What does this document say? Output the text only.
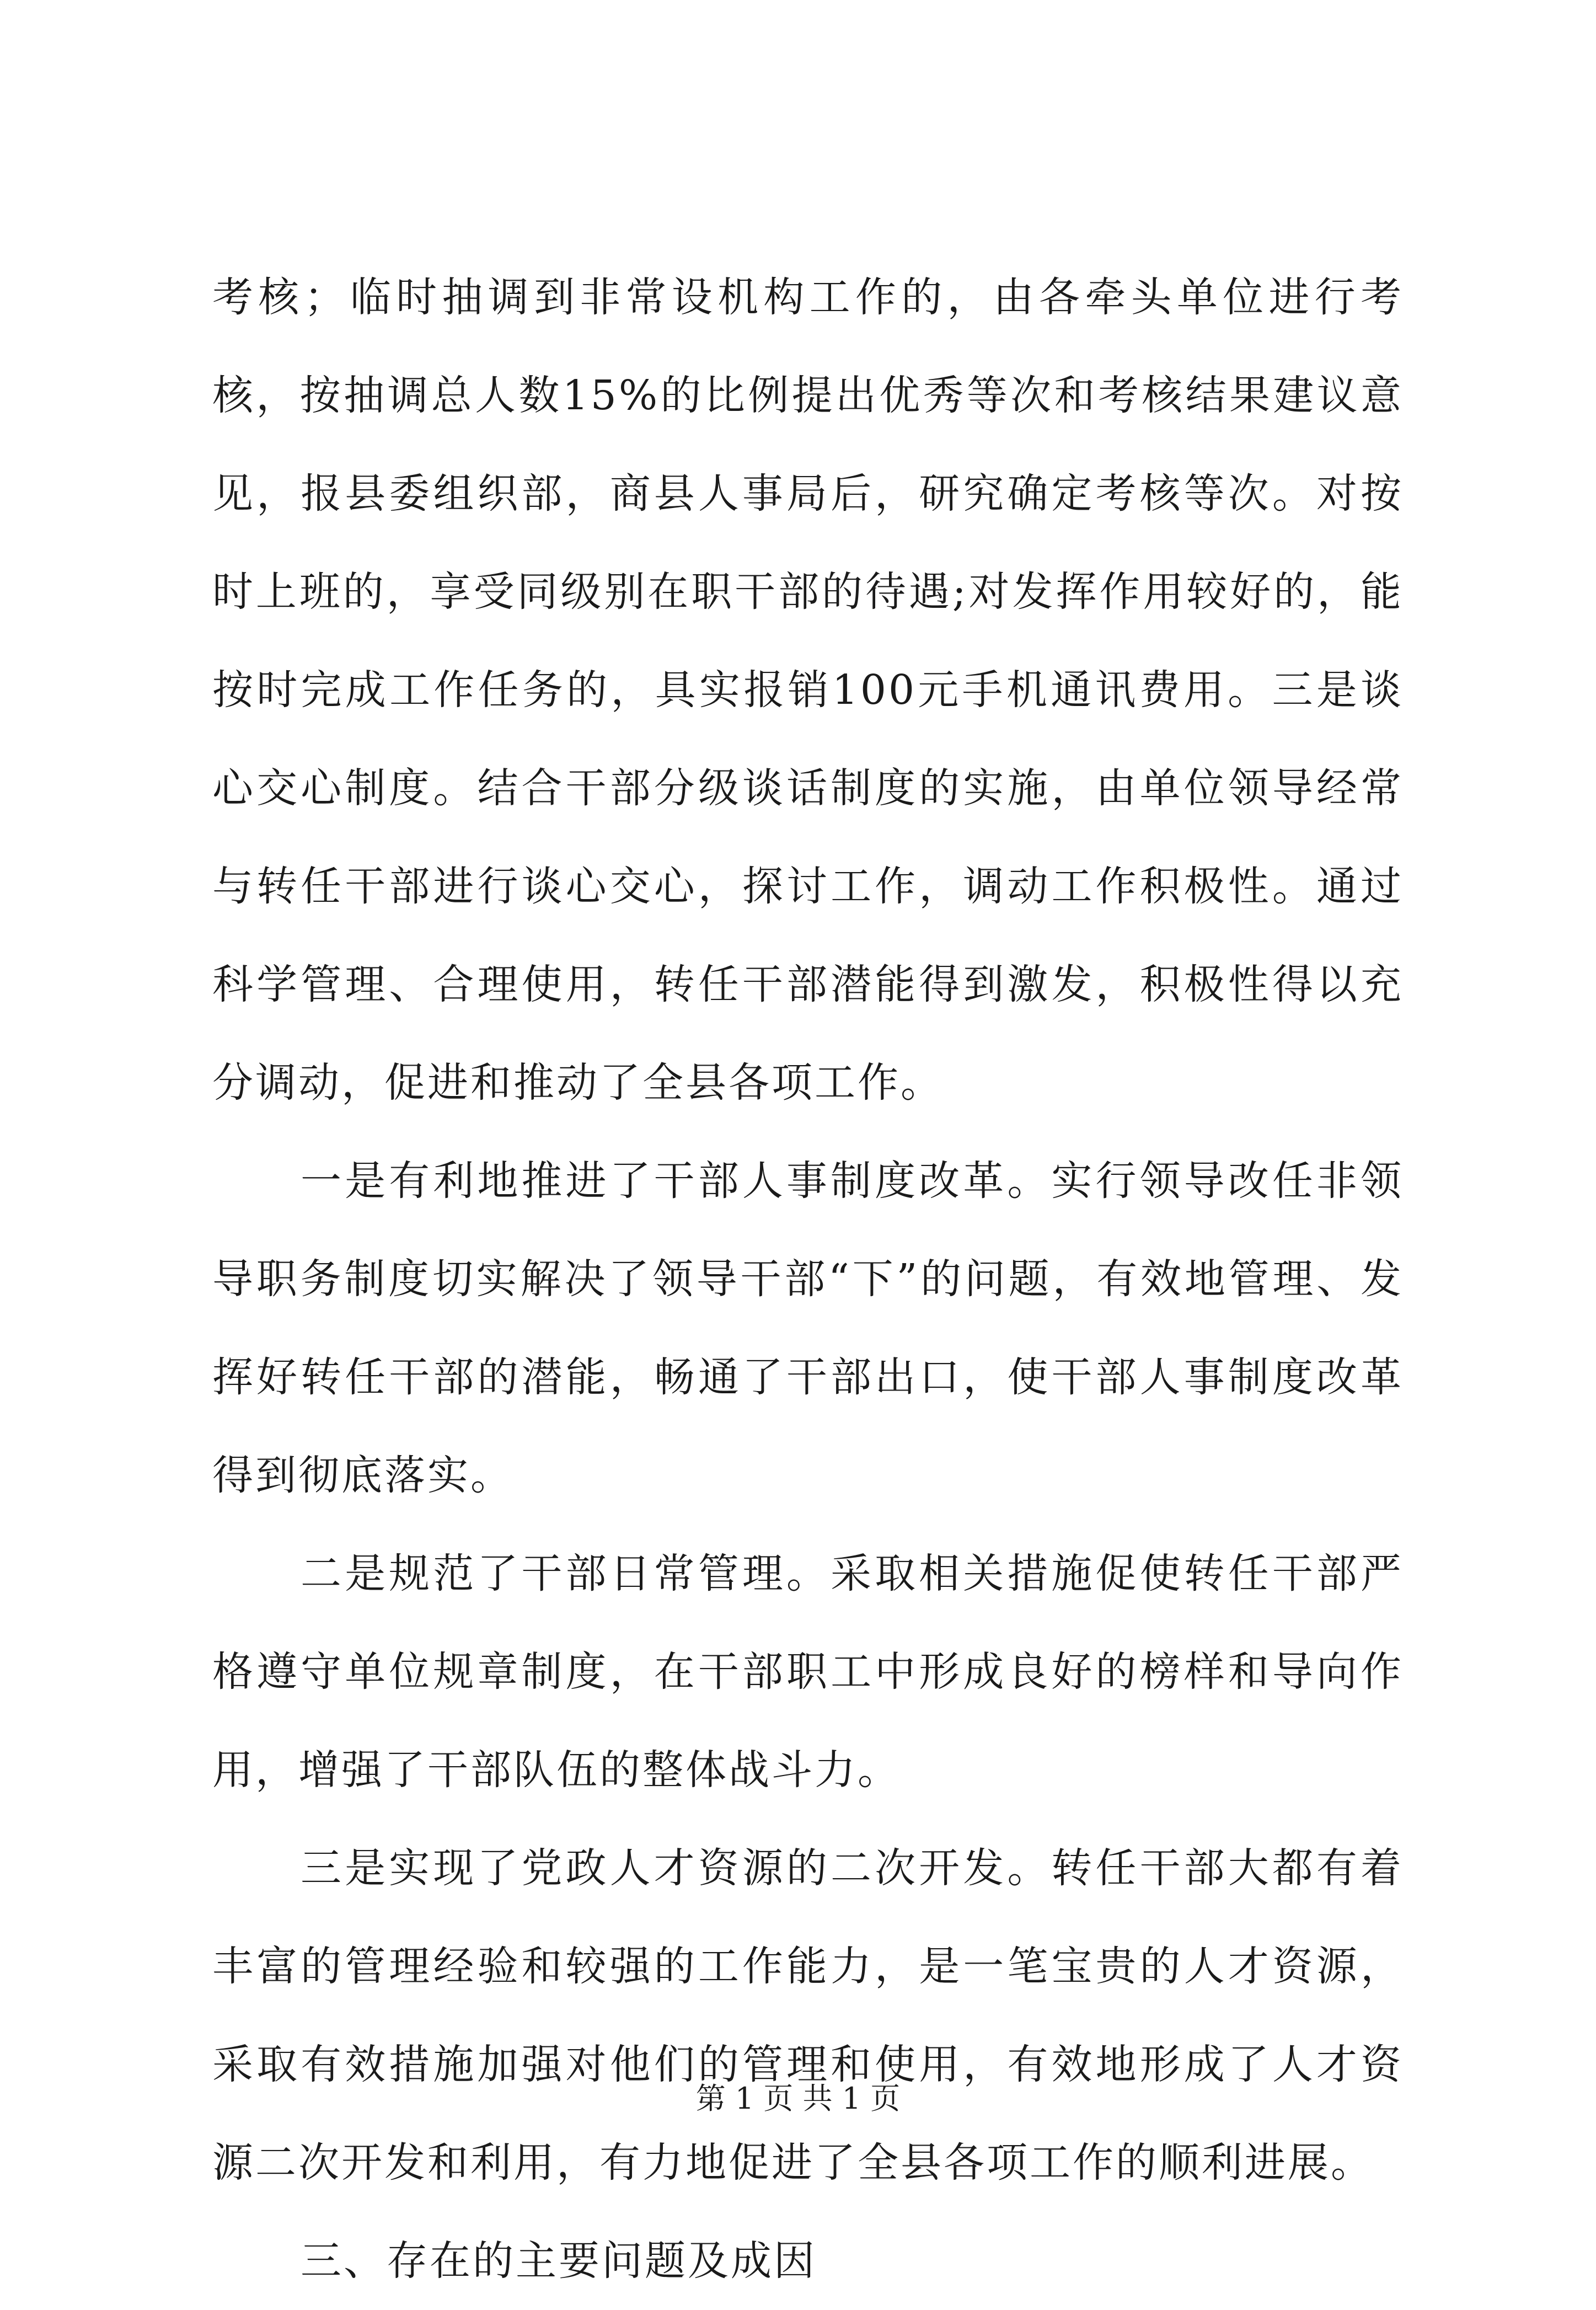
考核；临时抽调到非常设机构工作的，由各牵头单位进行考核，按抽调总人数15%的比例提出优秀等次和考核结果建议意见，报县委组织部，商县人事局后，研究确定考核等次。对按时上班的，享受同级别在职干部的待遇;对发挥作用较好的，能按时完成工作任务的，具实报销100元手机通讯费用。三是谈心交心制度。结合干部分级谈话制度的实施，由单位领导经常与转任干部进行谈心交心，探讨工作，调动工作积极性。通过科学管理、合理使用，转任干部潜能得到激发，积极性得以充分调动，促进和推动了全县各项工作。

一是有利地推进了干部人事制度改革。实行领导改任非领导职务制度切实解决了领导干部“下”的问题，有效地管理、发挥好转任干部的潜能，畅通了干部出口，使干部人事制度改革得到彻底落实。

二是规范了干部日常管理。采取相关措施促使转任干部严格遵守单位规章制度，在干部职工中形成良好的榜样和导向作用，增强了干部队伍的整体战斗力。

三是实现了党政人才资源的二次开发。转任干部大都有着丰富的管理经验和较强的工作能力，是一笔宝贵的人才资源，采取有效措施加强对他们的管理和使用，有效地形成了人才资源二次开发和利用，有力地促进了全县各项工作的顺利进展。

三、存在的主要问题及成因

第 1 页 共 1 页
